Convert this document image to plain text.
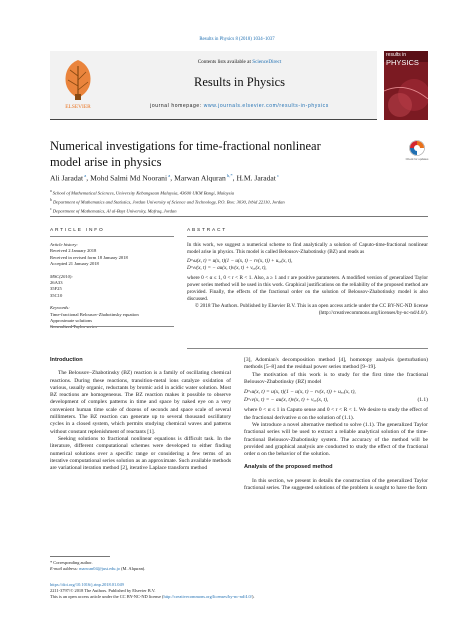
Results in Physics 8 (2018) 1034–1037
ELSEVIER
Contents lists available at ScienceDirect
Results in Physics
journal homepage: www.journals.elsevier.com/results-in-physics
results in
PHYSICS
Numerical investigations for time-fractional nonlinear model arise in physics	Check for updates
Ali Jaradat $^a$, Mohd Salmi Md Noorani $^a$, Marwan Alquran $^{b,*}$, H.M. Jaradat $^c$
$^a$ School of Mathematical Sciences, University Kebangsaan Malaysia, 43600 UKM Bangi, Malaysia
$^b$ Department of Mathematics and Statistics, Jordan University of Science and Technology, P.O. Box: 3030, Irbid 22110, Jordan
$^c$ Department of Mathematics, Al al-Bayt University, Mafraq, Jordan
ARTICLE INFO	ABSTRACT
Article history:
Received 2 January 2018
Received in revised form 18 January 2018
Accepted 21 January 2018
MSC(2010):
26A33
35F25
35C10
Keywords:
Time-fractional Belousov-Zhabotinsky equation
Approximate solutions
Generalized Taylor series
In this work, we suggest a numerical scheme to find analytically a solution of Caputo-time-fractional nonlinear model arise in physics. This model is called Belousov-Zhabotinsky (BZ) and reads as
Dᵅₜu(x, t) = u(x, t)(1 − u(x, t) − rv(x, t)) + uₓₓ(x, t),
Dᵅₜv(x, t) = − au(x, t)v(x, t) + vₓₓ(x, t),
where 0 < α ≤ 1, 0 < r < R < 1. Also, a ≥ 1 and r are positive parameters. A modified version of generalized Taylor power series method will be used in this work. Graphical justifications on the reliability of the proposed method are provided. Finally, the effects of the fractional order on the solution of Belousov-Zhabotinsky model is also discussed.
© 2018 The Authors. Published by Elsevier B.V. This is an open access article under the CC BY-NC-ND license (http://creativecommons.org/licenses/by-nc-nd/4.0/).
Introduction
The Belousov–Zhabotinsky (BZ) reaction is a family of oscillating chemical reactions. During these reactions, transition-metal ions catalyze oxidation of various, usually organic, reductants by bromic acid in acidic water solution. Most BZ reactions are homogeneous. The BZ reaction makes it possible to observe development of complex patterns in time and space by naked eye on a very convenient human time scale of dozens of seconds and space scale of several millimeters. The BZ reaction can generate up to several thousand oscillatory cycles in a closed system, which permits studying chemical waves and patterns without constant replenishment of reactants [1].
Seeking solutions to fractional nonlinear equations is difficult task. In the literature, different computational schemes were developed to either finding numerical solutions over a specific range or considering a few terms of an iterative computational series solution as an approximate. Such available methods are variational iteration method [2], iterative Laplace transform method
[3], Adomian's decomposition method [4], homotopy analysis (perturbation) methods [5–8] and the residual power series method [9–19].
The motivation of this work is to study for the first time the fractional Belousov-Zhabotinsky (BZ) model
Dᵅₜu(x, t) = u(x, t)(1 − u(x, t) − rv(x, t)) + uₓₓ(x, t),
(1.1)
Dᵅₜv(x, t) = − au(x, t)v(x, t) + vₓₓ(x, t),
where 0 < α ≤ 1 in Caputo sense and 0 < r < R < 1. We desire to study the effect of the fractional derivative α on the solution of (1.1).
We introduce a novel alternative method to solve (1.1). The generalized Taylor fractional series will be used to extract a reliable analytical solution of the time-fractional Belousov-Zhabotinsky system. The accuracy of the method will be provided and graphical analysis are conducted to study the effect of the fractional order α on the behavior of the solution.
Analysis of the proposed method
In this section, we present in details the construction of the generalized Taylor fractional series. The suggested solutions of the problem is sought to have the form
* Corresponding author.
E-mail address: marwan04@just.edu.jo (M. Alquran).
https://doi.org/10.1016/j.rinp.2018.01.049
2211-3797/© 2018 The Authors. Published by Elsevier B.V.
This is an open access article under the CC BY-NC-ND license (http://creativecommons.org/licenses/by-nc-nd/4.0/).
